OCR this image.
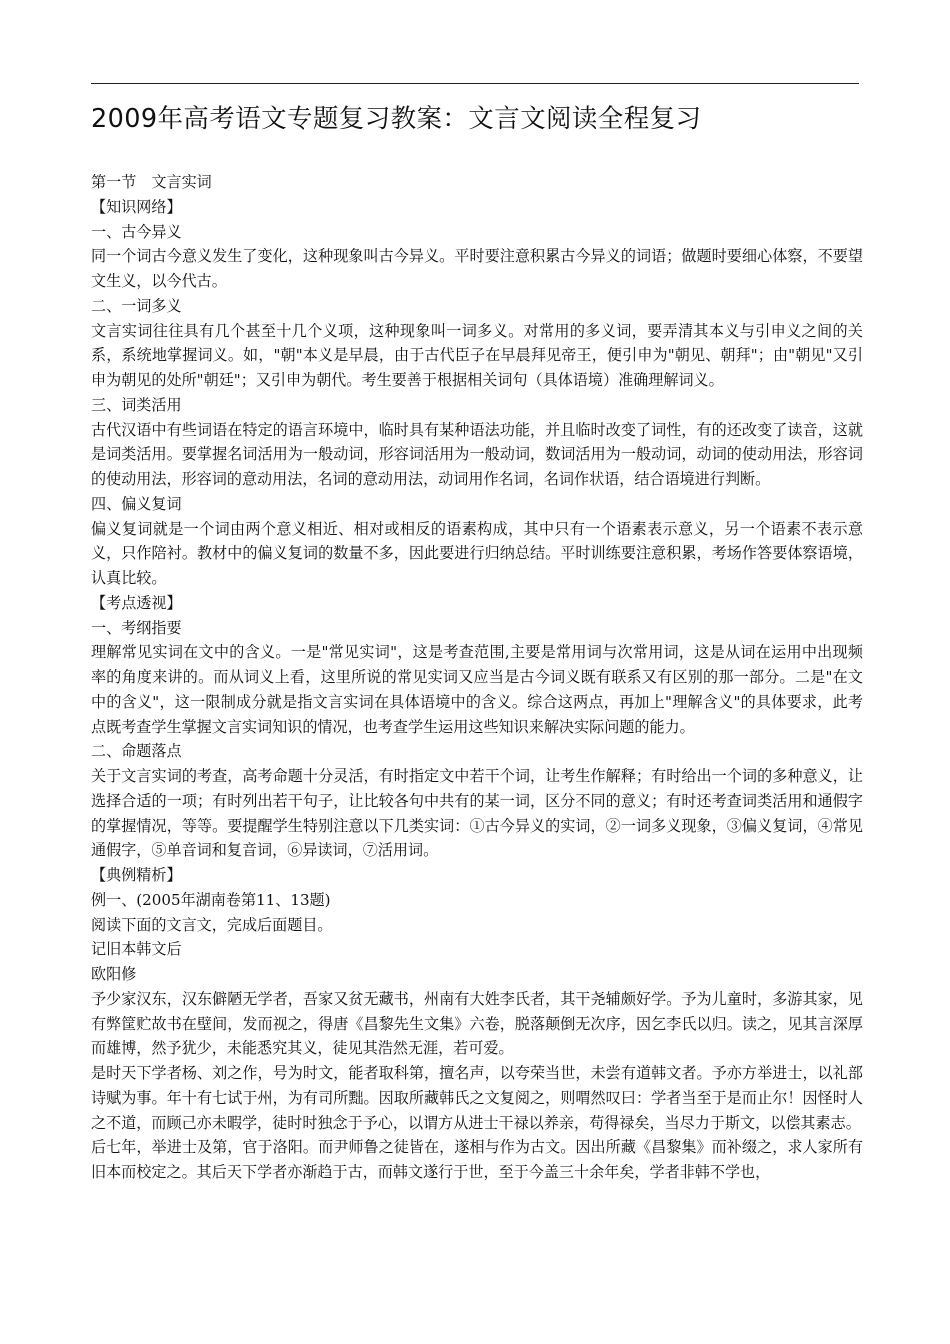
2009年高考语文专题复习教案：文言文阅读全程复习

第一节　文言实词

【知识网络】

一、古今异义

同一个词古今意义发生了变化，这种现象叫古今异义。平时要注意积累古今异义的词语；做题时要细心体察，不要望文生义，以今代古。

二、一词多义

文言实词往往具有几个甚至十几个义项，这种现象叫一词多义。对常用的多义词，要弄清其本义与引申义之间的关系，系统地掌握词义。如，"朝"本义是早晨，由于古代臣子在早晨拜见帝王，便引申为"朝见、朝拜"；由"朝见"又引申为朝见的处所"朝廷"；又引申为朝代。考生要善于根据相关词句（具体语境）准确理解词义。

三、词类活用

古代汉语中有些词语在特定的语言环境中，临时具有某种语法功能，并且临时改变了词性，有的还改变了读音，这就是词类活用。要掌握名词活用为一般动词，形容词活用为一般动词，数词活用为一般动词，动词的使动用法，形容词的使动用法，形容词的意动用法，名词的意动用法，动词用作名词，名词作状语，结合语境进行判断。

四、偏义复词

偏义复词就是一个词由两个意义相近、相对或相反的语素构成，其中只有一个语素表示意义，另一个语素不表示意义，只作陪衬。教材中的偏义复词的数量不多，因此要进行归纳总结。平时训练要注意积累，考场作答要体察语境，认真比较。

【考点透视】

一、考纲指要

理解常见实词在文中的含义。一是"常见实词"，这是考查范围,主要是常用词与次常用词，这是从词在运用中出现频率的角度来讲的。而从词义上看，这里所说的常见实词又应当是古今词义既有联系又有区别的那一部分。二是"在文中的含义"，这一限制成分就是指文言实词在具体语境中的含义。综合这两点，再加上"理解含义"的具体要求，此考点既考查学生掌握文言实词知识的情况，也考查学生运用这些知识来解决实际问题的能力。

二、命题落点

关于文言实词的考查，高考命题十分灵活，有时指定文中若干个词，让考生作解释；有时给出一个词的多种意义，让选择合适的一项；有时列出若干句子，让比较各句中共有的某一词，区分不同的意义；有时还考查词类活用和通假字的掌握情况，等等。要提醒学生特别注意以下几类实词：①古今异义的实词，②一词多义现象，③偏义复词，④常见通假字，⑤单音词和复音词，⑥异读词，⑦活用词。

【典例精析】

例一、(2005年湖南卷第11、13题)

阅读下面的文言文，完成后面题目。

记旧本韩文后

欧阳修

予少家汉东，汉东僻陋无学者，吾家又贫无藏书，州南有大姓李氏者，其干尧辅颇好学。予为儿童时，多游其家，见有弊筐贮故书在壁间，发而视之，得唐《昌黎先生文集》六卷，脱落颠倒无次序，因乞李氏以归。读之，见其言深厚而雄博，然予犹少，未能悉究其义，徒见其浩然无涯，若可爱。

是时天下学者杨、刘之作，号为时文，能者取科第，擅名声，以夸荣当世，未尝有道韩文者。予亦方举进士，以礼部诗赋为事。年十有七试于州，为有司所黜。因取所藏韩氏之文复阅之，则喟然叹曰：学者当至于是而止尔！因怪时人之不道，而顾己亦未暇学，徒时时独念于予心，以谓方从进士干禄以养亲，苟得禄矣，当尽力于斯文，以偿其素志。

后七年，举进士及第，官于洛阳。而尹师鲁之徒皆在，遂相与作为古文。因出所藏《昌黎集》而补缀之，求人家所有旧本而校定之。其后天下学者亦渐趋于古，而韩文遂行于世，至于今盖三十余年矣，学者非韩不学也，
